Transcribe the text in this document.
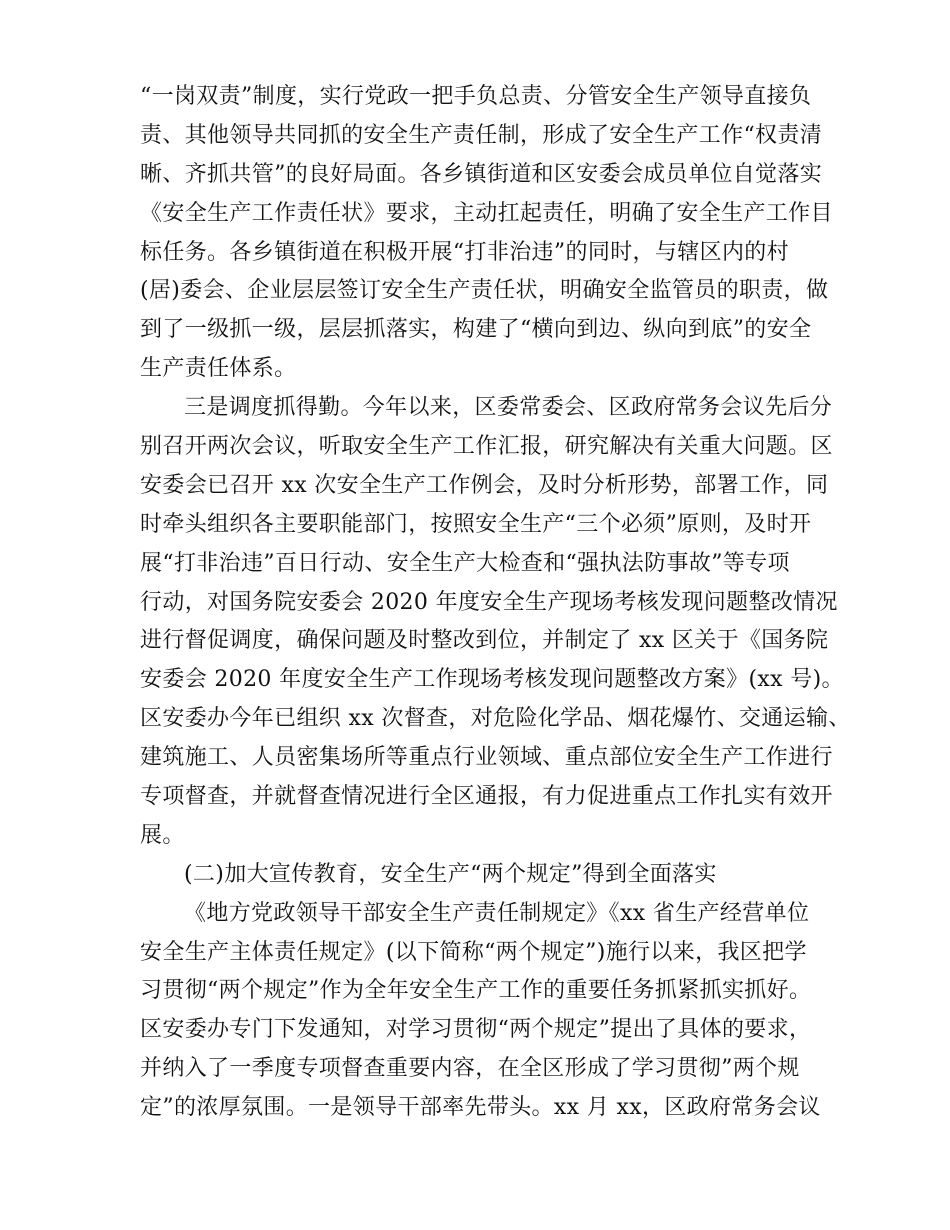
“一岗双责”制度，实行党政一把手负总责、分管安全生产领导直接负
责、其他领导共同抓的安全生产责任制，形成了安全生产工作“权责清
晰、齐抓共管”的良好局面。各乡镇街道和区安委会成员单位自觉落实
《安全生产工作责任状》要求，主动扛起责任，明确了安全生产工作目
标任务。各乡镇街道在积极开展“打非治违”的同时，与辖区内的村
(居)委会、企业层层签订安全生产责任状，明确安全监管员的职责，做
到了一级抓一级，层层抓落实，构建了“横向到边、纵向到底”的安全
生产责任体系。
三是调度抓得勤。今年以来，区委常委会、区政府常务会议先后分
别召开两次会议，听取安全生产工作汇报，研究解决有关重大问题。区
安委会已召开 xx 次安全生产工作例会，及时分析形势，部署工作，同
时牵头组织各主要职能部门，按照安全生产“三个必须”原则，及时开
展“打非治违”百日行动、安全生产大检查和“强执法防事故”等专项
行动，对国务院安委会 2020 年度安全生产现场考核发现问题整改情况
进行督促调度，确保问题及时整改到位，并制定了 xx 区关于《国务院
安委会 2020 年度安全生产工作现场考核发现问题整改方案》(xx 号)。
区安委办今年已组织 xx 次督查，对危险化学品、烟花爆竹、交通运输、
建筑施工、人员密集场所等重点行业领域、重点部位安全生产工作进行
专项督查，并就督查情况进行全区通报，有力促进重点工作扎实有效开
展。
(二)加大宣传教育，安全生产“两个规定”得到全面落实
《地方党政领导干部安全生产责任制规定》《xx 省生产经营单位
安全生产主体责任规定》(以下简称“两个规定”)施行以来，我区把学
习贯彻“两个规定”作为全年安全生产工作的重要任务抓紧抓实抓好。
区安委办专门下发通知，对学习贯彻“两个规定”提出了具体的要求，
并纳入了一季度专项督查重要内容，在全区形成了学习贯彻”两个规
定”的浓厚氛围。一是领导干部率先带头。xx 月 xx，区政府常务会议
